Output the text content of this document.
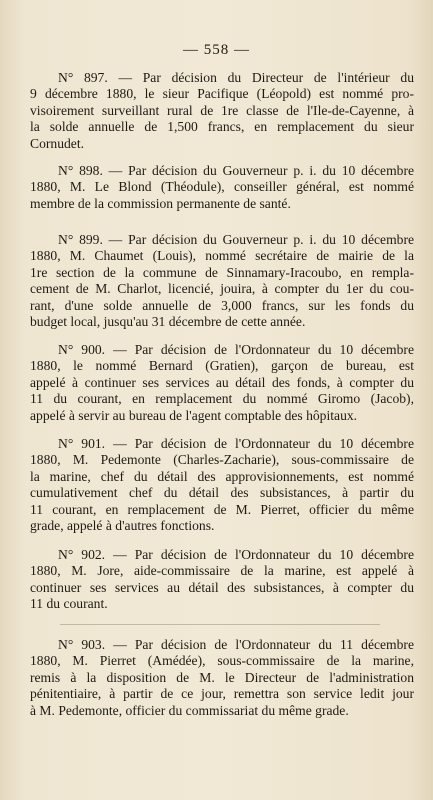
— 558 —

N° 897. — Par décision du Directeur de l'intérieur du
9 décembre 1880, le sieur Pacifique (Léopold) est nommé pro-
visoirement surveillant rural de 1re classe de l'Ile-de-Cayenne, à
la solde annuelle de 1,500 francs, en remplacement du sieur
Cornudet.
N° 898. — Par décision du Gouverneur p. i. du 10 décembre
1880, M. Le Blond (Théodule), conseiller général, est nommé
membre de la commission permanente de santé.
N° 899. — Par décision du Gouverneur p. i. du 10 décembre
1880, M. Chaumet (Louis), nommé secrétaire de mairie de la
1re section de la commune de Sinnamary-Iracoubo, en rempla-
cement de M. Charlot, licencié, jouira, à compter du 1er du cou-
rant, d'une solde annuelle de 3,000 francs, sur les fonds du
budget local, jusqu'au 31 décembre de cette année.
N° 900. — Par décision de l'Ordonnateur du 10 décembre
1880, le nommé Bernard (Gratien), garçon de bureau, est
appelé à continuer ses services au détail des fonds, à compter du
11 du courant, en remplacement du nommé Giromo (Jacob),
appelé à servir au bureau de l'agent comptable des hôpitaux.
N° 901. — Par décision de l'Ordonnateur du 10 décembre
1880, M. Pedemonte (Charles-Zacharie), sous-commissaire de
la marine, chef du détail des approvisionnements, est nommé
cumulativement chef du détail des subsistances, à partir du
11 courant, en remplacement de M. Pierret, officier du même
grade, appelé à d'autres fonctions.
N° 902. — Par décision de l'Ordonnateur du 10 décembre
1880, M. Jore, aide-commissaire de la marine, est appelé à
continuer ses services au détail des subsistances, à compter du
11 du courant.
N° 903. — Par décision de l'Ordonnateur du 11 décembre
1880, M. Pierret (Amédée), sous-commissaire de la marine,
remis à la disposition de M. le Directeur de l'administration
pénitentiaire, à partir de ce jour, remettra son service ledit jour
à M. Pedemonte, officier du commissariat du même grade.
